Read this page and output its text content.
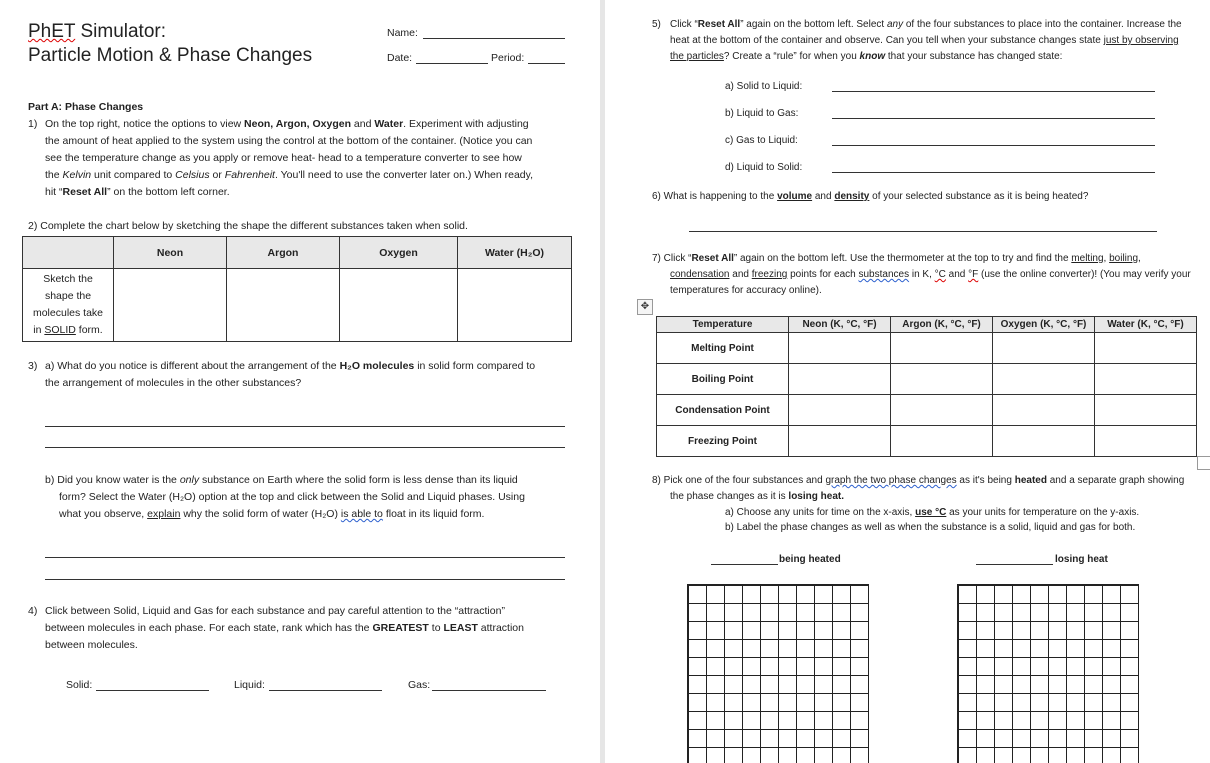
PhET Simulator:
Particle Motion & Phase Changes
Name:
Date:	Period:
Part A: Phase Changes
1) On the top right, notice the options to view Neon, Argon, Oxygen and Water. Experiment with adjusting
the amount of heat applied to the system using the control at the bottom of the container. (Notice you can
see the temperature change as you apply or remove heat- head to a temperature converter to see how
the Kelvin unit compared to Celsius or Fahrenheit. You'll need to use the converter later on.) When ready,
hit “Reset All” on the bottom left corner.
2) Complete the chart below by sketching the shape the different substances taken when solid.
	Neon	Argon	Oxygen	Water (H₂O)

Sketch the
shape the
molecules take
in SOLID form.				

3) a) What do you notice is different about the arrangement of the H₂O molecules in solid form compared to
the arrangement of molecules in the other substances?
b) Did you know water is the only substance on Earth where the solid form is less dense than its liquid
form? Select the Water (H₂O) option at the top and click between the Solid and Liquid phases. Using
what you observe, explain why the solid form of water (H₂O) is able to float in its liquid form.
4) Click between Solid, Liquid and Gas for each substance and pay careful attention to the “attraction”
between molecules in each phase. For each state, rank which has the GREATEST to LEAST attraction
between molecules.
Solid:	Liquid:	Gas:
5) Click “Reset All” again on the bottom left. Select any of the four substances to place into the container. Increase the
heat at the bottom of the container and observe. Can you tell when your substance changes state just by observing
the particles? Create a “rule” for when you know that your substance has changed state:
a) Solid to Liquid:
b) Liquid to Gas:
c) Gas to Liquid:
d) Liquid to Solid:
6) What is happening to the volume and density of your selected substance as it is being heated?
7) Click “Reset All” again on the bottom left. Use the thermometer at the top to try and find the melting, boiling,
condensation and freezing points for each substances in K, °C and °F (use the online converter)! (You may verify your
temperatures for accuracy online).
✥
Temperature	Neon (K, °C, °F)	Argon (K, °C, °F)	Oxygen (K, °C, °F)	Water (K, °C, °F)
Melting Point				
Boiling Point				
Condensation Point				
Freezing Point				
8) Pick one of the four substances and graph the two phase changes as it's being heated and a separate graph showing
the phase changes as it is losing heat.
a) Choose any units for time on the x-axis, use °C as your units for temperature on the y-axis.
b) Label the phase changes as well as when the substance is a solid, liquid and gas for both.
being heated	losing heat
